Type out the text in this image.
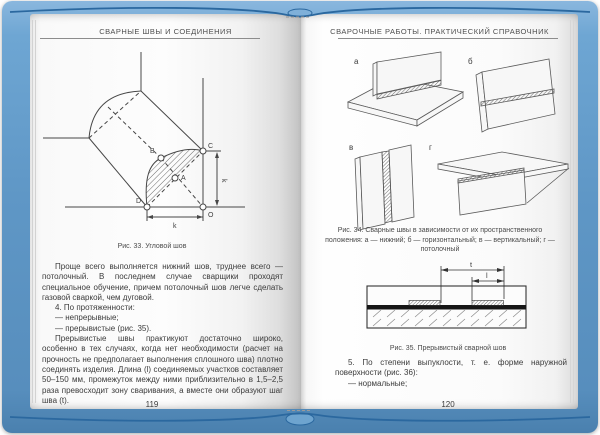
СВАРНЫЕ ШВЫ И СОЕДИНЕНИЯ
C
B
A
D
O
k
k
Рис. 33. Угловой шов

Проще всего выполняется нижний шов, труднее всего — потолочный. В последнем случае сварщики проходят специальное обучение, причем потолочный шов легче сделать газовой сваркой, чем дуговой.

4. По протяженности:

— непрерывные;

— прерывистые (рис. 35).

Прерывистые швы практикуют достаточно широко, особенно в тех случаях, когда нет необходимости (расчет на прочность не предполагает выполнения сплошного шва) плотно соединять изделия. Длина (l) соединяемых участков составляет 50–150 мм, промежуток между ними приблизительно в 1,5–2,5 раза превосходит зону сваривания, а вместе они образуют шаг шва (t).	119
СВАРОЧНЫЕ РАБОТЫ. ПРАКТИЧЕСКИЙ СПРАВОЧНИК
а	б
в	г
Рис. 34. Сварные швы в зависимости от их пространственного положения: а — нижний; б — горизонтальный; в — вертикальный; г — потолочный
t
l
Рис. 35. Прерывистый сварной шов

5. По степени выпуклости, т. е. форме наружной поверхности (рис. 36):

— нормальные;

120
